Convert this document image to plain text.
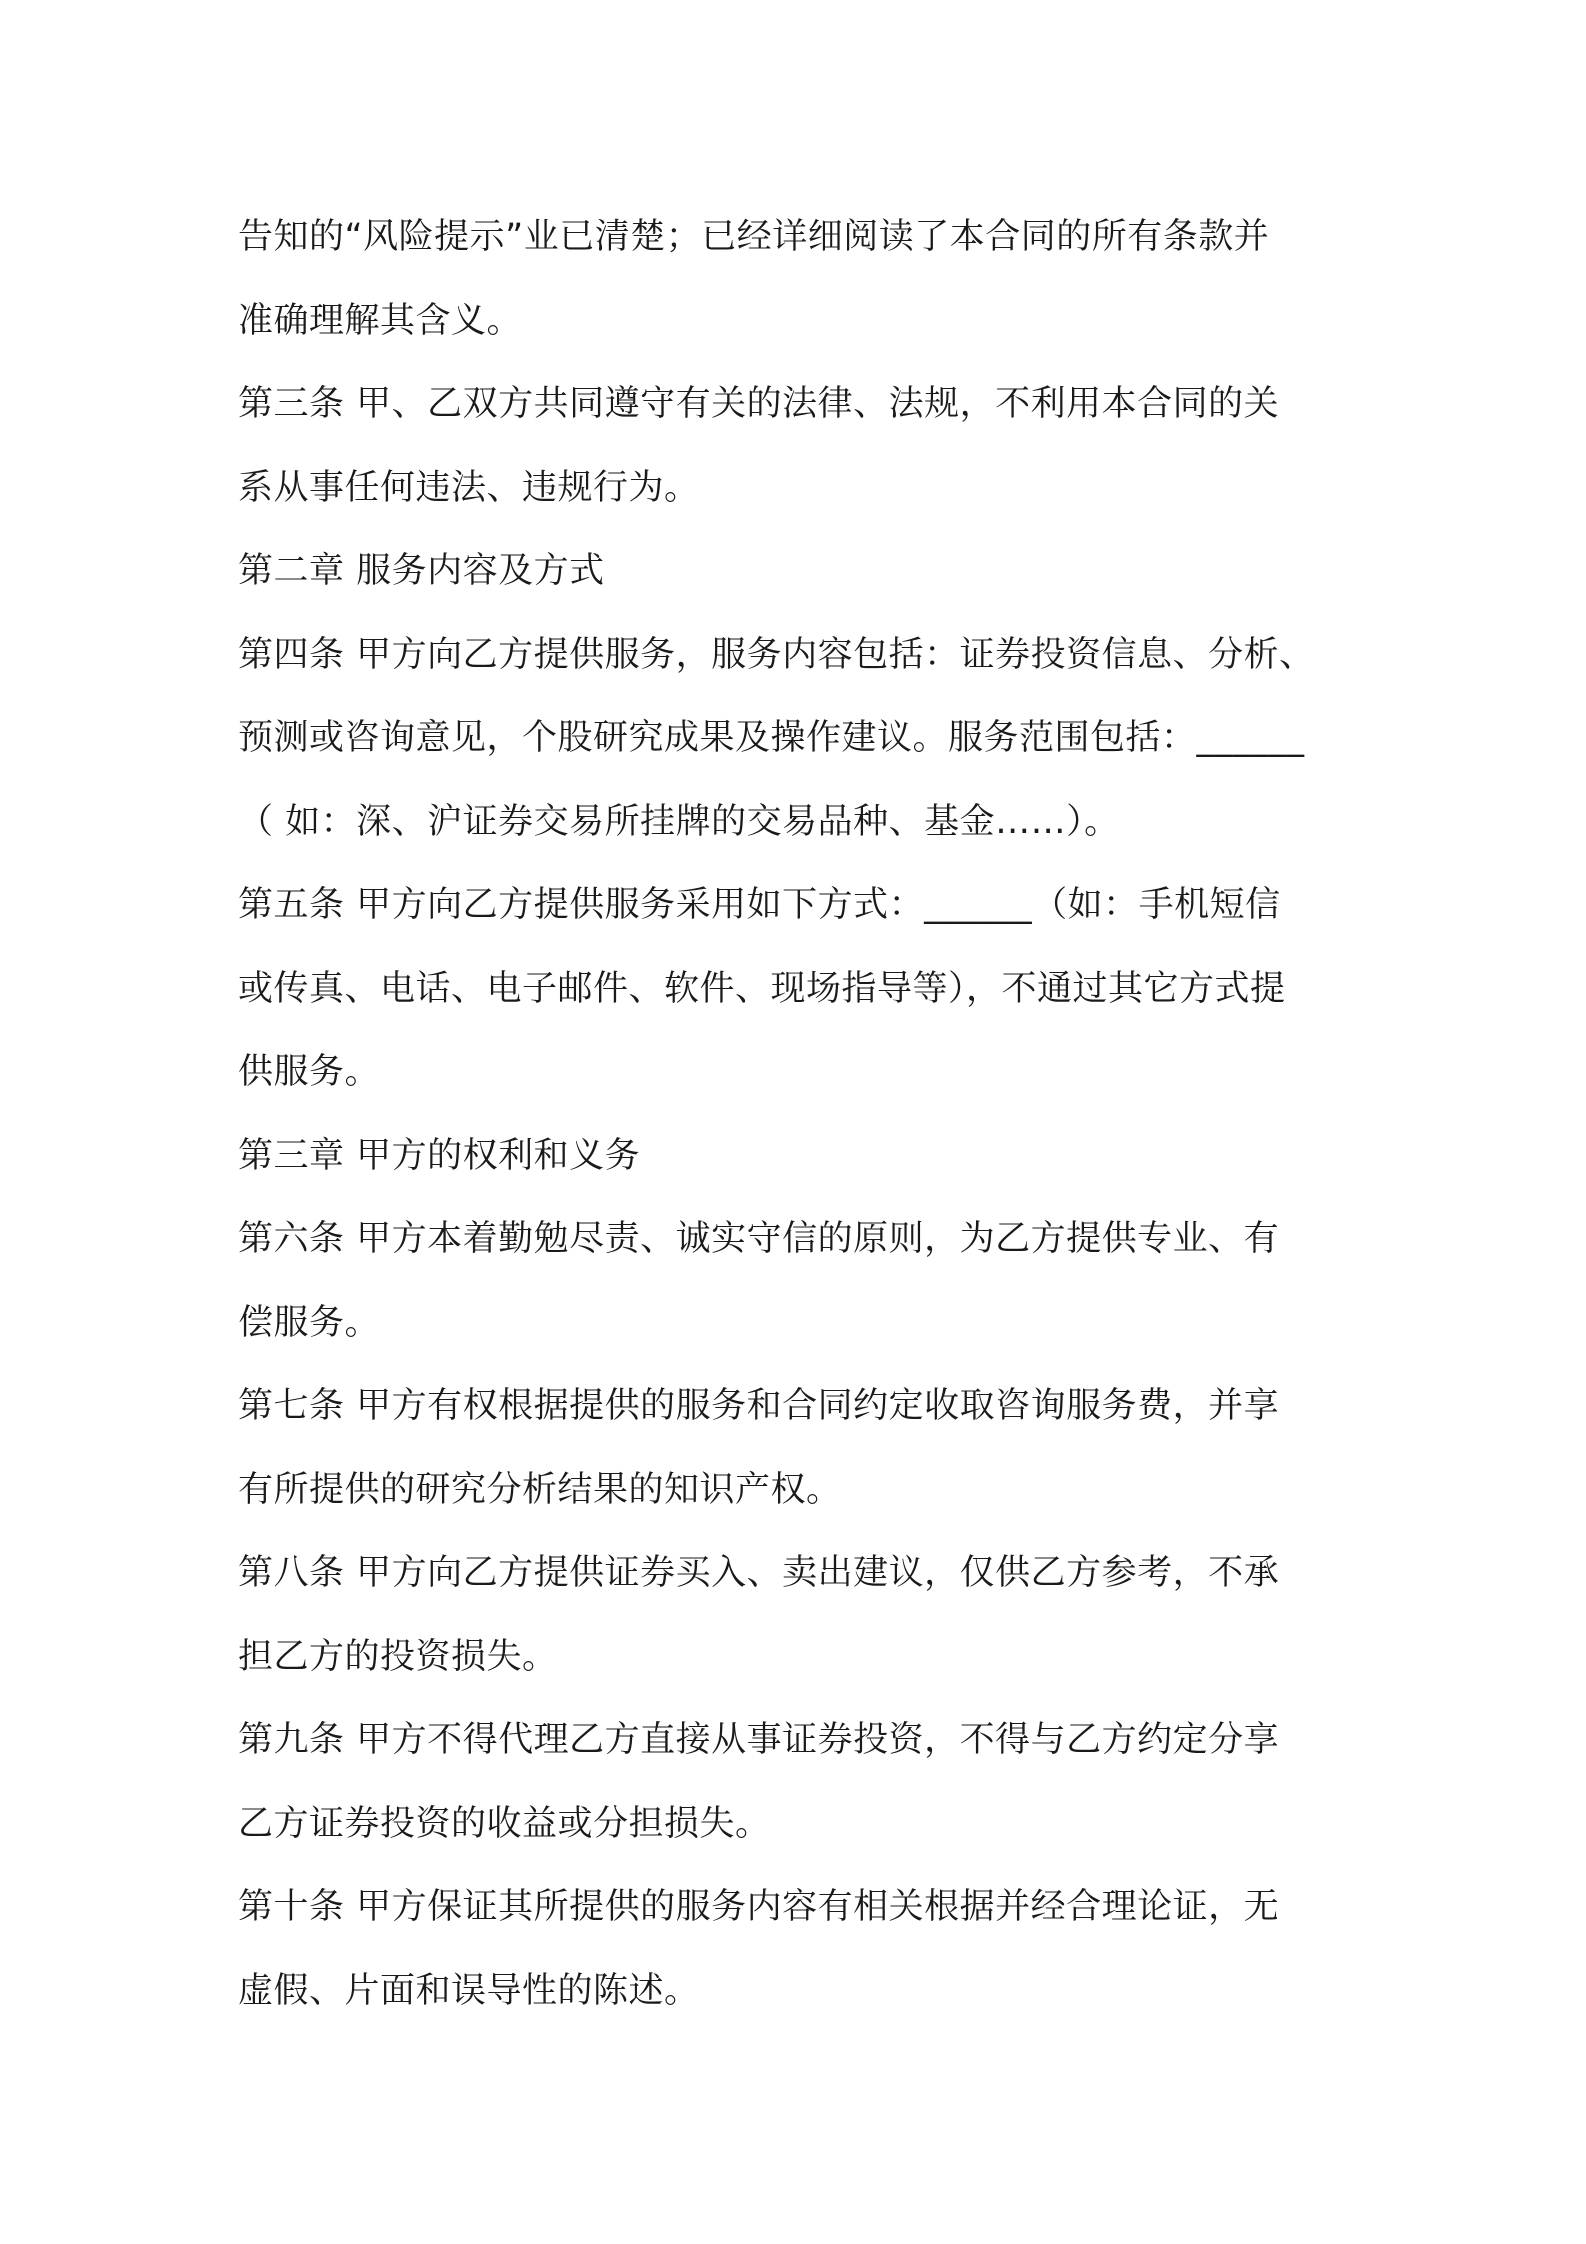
告知的“风险提示”业已清楚；已经详细阅读了本合同的所有条款并
准确理解其含义。

第三条 甲、乙双方共同遵守有关的法律、法规，不利用本合同的关
系从事任何违法、违规行为。

第二章 服务内容及方式

第四条 甲方向乙方提供服务，服务内容包括：证券投资信息、分析、
预测或咨询意见，个股研究成果及操作建议。服务范围包括：______
（ 如：深、沪证券交易所挂牌的交易品种、基金……）。

第五条 甲方向乙方提供服务采用如下方式：______（如：手机短信
或传真、电话、电子邮件、软件、现场指导等），不通过其它方式提
供服务。

第三章 甲方的权利和义务

第六条 甲方本着勤勉尽责、诚实守信的原则，为乙方提供专业、有
偿服务。

第七条 甲方有权根据提供的服务和合同约定收取咨询服务费，并享
有所提供的研究分析结果的知识产权。

第八条 甲方向乙方提供证券买入、卖出建议，仅供乙方参考，不承
担乙方的投资损失。

第九条 甲方不得代理乙方直接从事证券投资，不得与乙方约定分享
乙方证券投资的收益或分担损失。

第十条 甲方保证其所提供的服务内容有相关根据并经合理论证，无
虚假、片面和误导性的陈述。
